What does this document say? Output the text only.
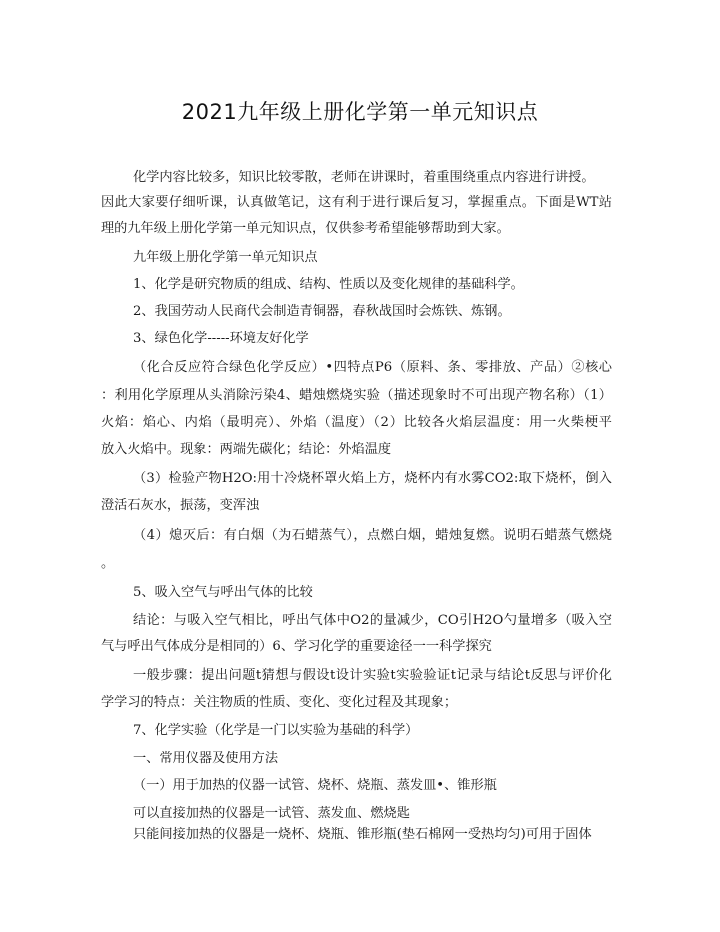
2021九年级上册化学第一单元知识点
化学内容比较多，知识比较零散，老师在讲课时，着重围绕重点内容进行讲授。
因此大家要仔细听课，认真做笔记，这有利于进行课后复习，掌握重点。下面是WT站
理的九年级上册化学第一单元知识点，仅供参考希望能够帮助到大家。
九年级上册化学第一单元知识点
1、化学是研究物质的组成、结构、性质以及变化规律的基础科学。
2、我国劳动人民商代会制造青铜器，春秋战国时会炼铁、炼钢。
3、绿色化学-----环境友好化学
（化合反应符合绿色化学反应）•四特点P6（原料、条、零排放、产品）②核心
：利用化学原理从头消除污染4、蜡烛燃烧实验（描述现象时不可出现产物名称）（1）
火焰：焰心、内焰（最明亮）、外焰（温度）（2）比较各火焰层温度：用一火柴梗平
放入火焰中。现象：两端先碳化；结论：外焰温度
（3）检验产物H2O:用十冷烧杯罩火焰上方，烧杯内有水雾CO2:取下烧杯，倒入
澄活石灰水，振荡，变浑浊
（4）熄灭后：有白烟（为石蜡蒸气），点燃白烟，蜡烛复燃。说明石蜡蒸气燃烧
。
5、吸入空气与呼出气体的比较
结论：与吸入空气相比，呼出气体中O2的量减少，CO引H2O勺量增多（吸入空
气与呼出气体成分是相同的）6、学习化学的重要途径一一科学探究
一般步骤：提出问题t猜想与假设t设计实验t实验验证t记录与结论t反思与评价化
学学习的特点：关注物质的性质、变化、变化过程及其现象；
7、化学实验（化学是一门以实验为基础的科学）
一、常用仪器及使用方法
（一）用于加热的仪器一试管、烧杯、烧瓶、蒸发皿•、锥形瓶
可以直接加热的仪器是一试管、蒸发血、燃烧匙
只能间接加热的仪器是一烧杯、烧瓶、锥形瓶(垫石棉网一受热均匀)可用于固体
